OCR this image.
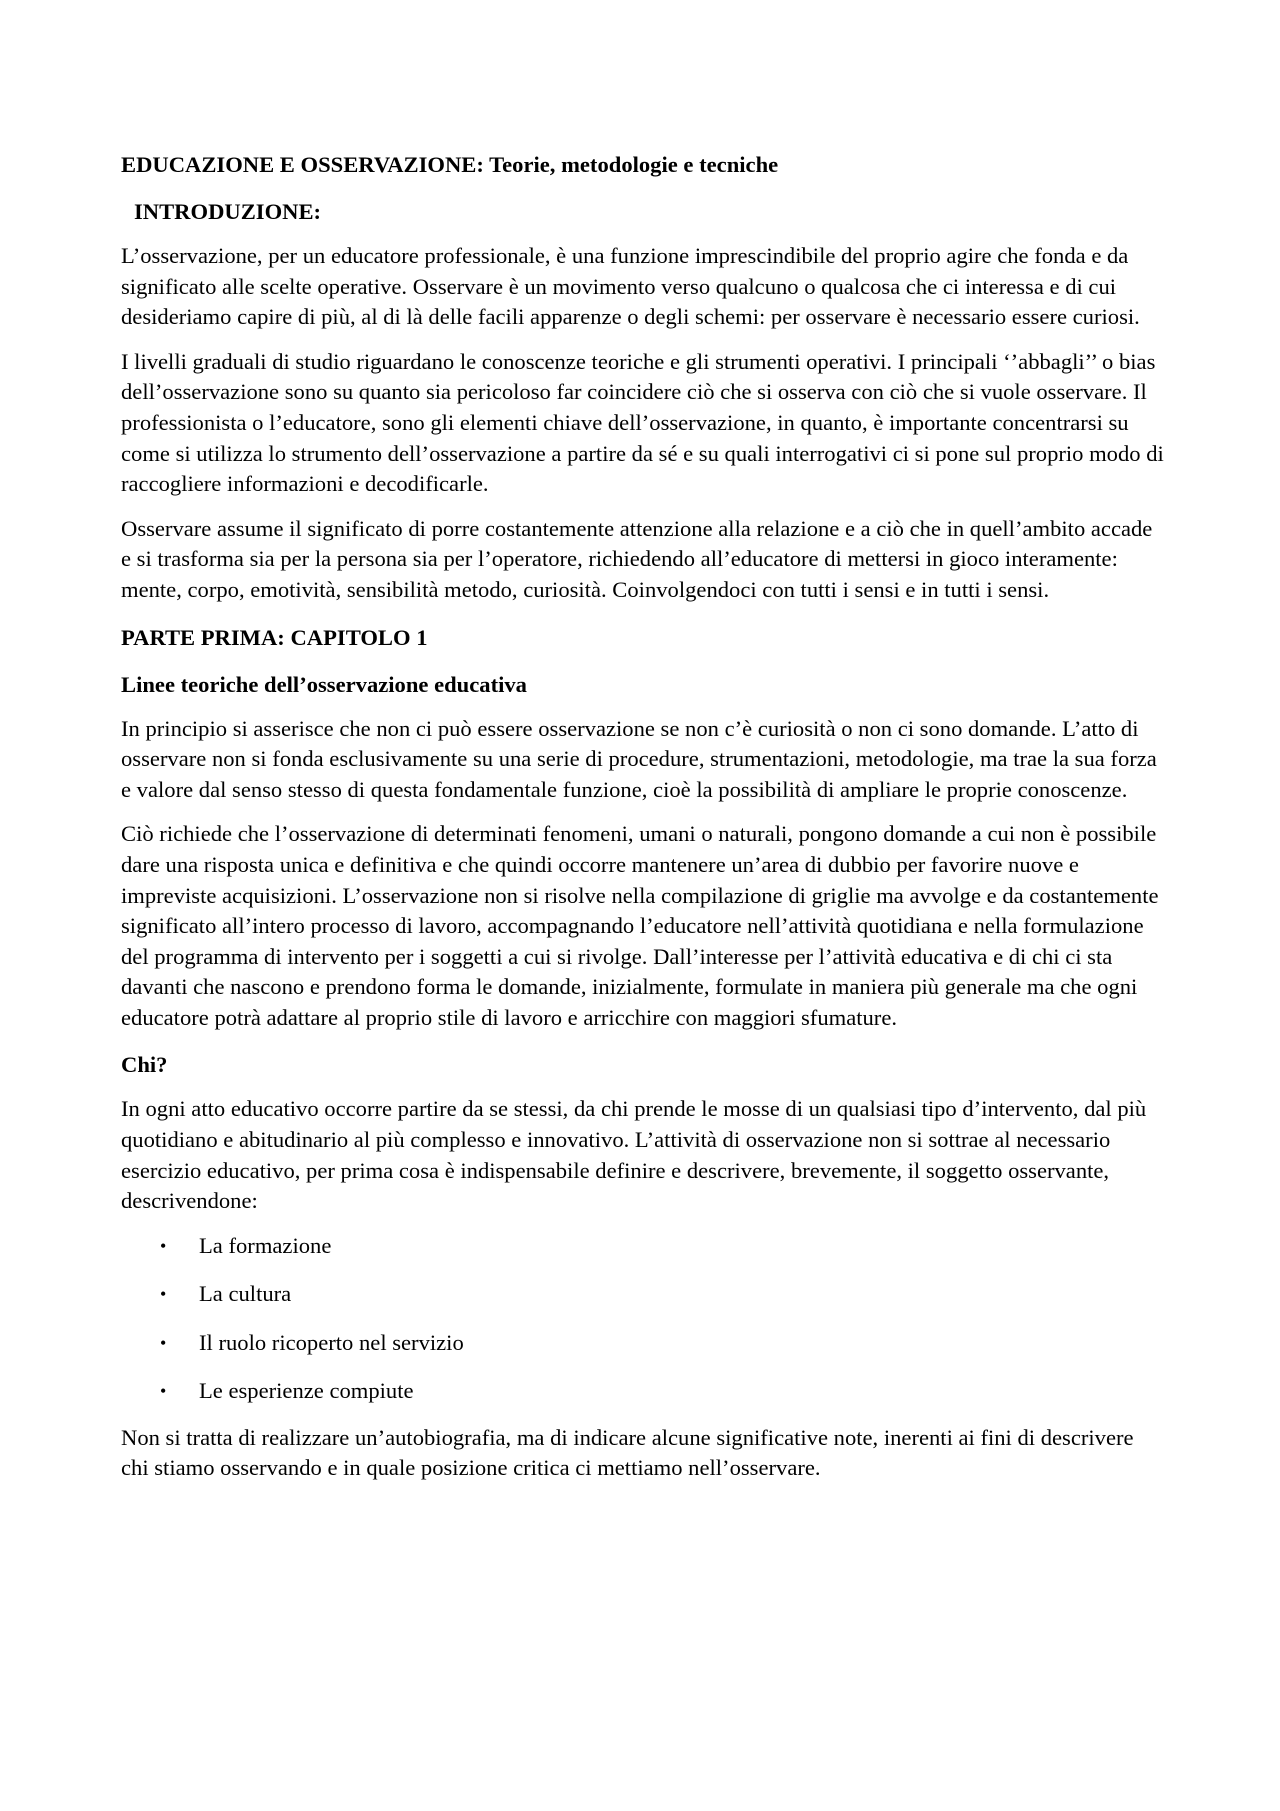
EDUCAZIONE E OSSERVAZIONE: Teorie, metodologie e tecniche

INTRODUZIONE:

L’osservazione, per un educatore professionale, è una funzione imprescindibile del proprio agire che fonda e da significato alle scelte operative. Osservare è un movimento verso qualcuno o qualcosa che ci interessa e di cui desideriamo capire di più, al di là delle facili apparenze o degli schemi: per osservare è necessario essere curiosi.

I livelli graduali di studio riguardano le conoscenze teoriche e gli strumenti operativi. I principali ‘’abbagli’’ o bias dell’osservazione sono su quanto sia pericoloso far coincidere ciò che si osserva con ciò che si vuole osservare. Il professionista o l’educatore, sono gli elementi chiave dell’osservazione, in quanto, è importante concentrarsi su come si utilizza lo strumento dell’osservazione a partire da sé e su quali interrogativi ci si pone sul proprio modo di raccogliere informazioni e decodificarle.

Osservare assume il significato di porre costantemente attenzione alla relazione e a ciò che in quell’ambito accade e si trasforma sia per la persona sia per l’operatore, richiedendo all’educatore di mettersi in gioco interamente: mente, corpo, emotività, sensibilità metodo, curiosità. Coinvolgendoci con tutti i sensi e in tutti i sensi.

PARTE PRIMA: CAPITOLO 1

Linee teoriche dell’osservazione educativa

In principio si asserisce che non ci può essere osservazione se non c’è curiosità o non ci sono domande. L’atto di osservare non si fonda esclusivamente su una serie di procedure, strumentazioni, metodologie, ma trae la sua forza e valore dal senso stesso di questa fondamentale funzione, cioè la possibilità di ampliare le proprie conoscenze.

Ciò richiede che l’osservazione di determinati fenomeni, umani o naturali, pongono domande a cui non è possibile dare una risposta unica e definitiva e che quindi occorre mantenere un’area di dubbio per favorire nuove e impreviste acquisizioni. L’osservazione non si risolve nella compilazione di griglie ma avvolge e da costantemente significato all’intero processo di lavoro, accompagnando l’educatore nell’attività quotidiana e nella formulazione del programma di intervento per i soggetti a cui si rivolge. Dall’interesse per l’attività educativa e di chi ci sta davanti che nascono e prendono forma le domande, inizialmente, formulate in maniera più generale ma che ogni educatore potrà adattare al proprio stile di lavoro e arricchire con maggiori sfumature.

Chi?

In ogni atto educativo occorre partire da se stessi, da chi prende le mosse di un qualsiasi tipo d’intervento, dal più quotidiano e abitudinario al più complesso e innovativo. L’attività di osservazione non si sottrae al necessario esercizio educativo, per prima cosa è indispensabile definire e descrivere, brevemente, il soggetto osservante, descrivendone:

• La formazione
• La cultura
• Il ruolo ricoperto nel servizio
• Le esperienze compiute

Non si tratta di realizzare un’autobiografia, ma di indicare alcune significative note, inerenti ai fini di descrivere chi stiamo osservando e in quale posizione critica ci mettiamo nell’osservare.
